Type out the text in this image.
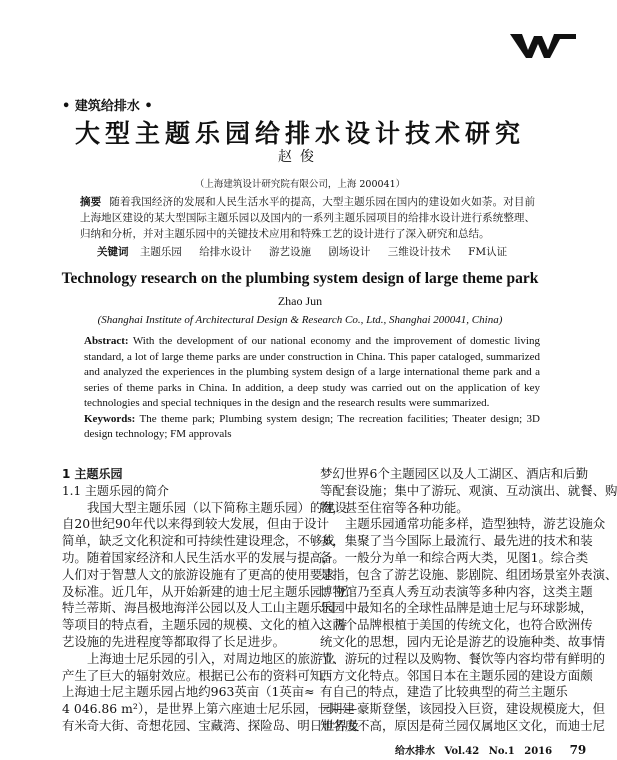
• 建筑给排水 •
大型主题乐园给排水设计技术研究
赵俊
（上海建筑设计研究院有限公司，上海 200041）
摘要 随着我国经济的发展和人民生活水平的提高，大型主题乐园在国内的建设如火如荼。对目前上海地区建设的某大型国际主题乐园以及国内的一系列主题乐园项目的给排水设计进行系统整理、归纳和分析，并对主题乐园中的关键技术应用和特殊工艺的设计进行了深入研究和总结。
关键词 主题乐园 给排水设计 游艺设施 剧场设计 三维设计技术 FM认证
Technology research on the plumbing system design of large theme park
Zhao Jun
(Shanghai Institute of Architectural Design & Research Co., Ltd., Shanghai 200041, China)
Abstract: With the development of our national economy and the improvement of domestic living standard, a lot of large theme parks are under construction in China. This paper cataloged, summarized and analyzed the experiences in the plumbing system design of a large international theme park and a series of theme parks in China. In addition, a deep study was carried out on the application of key technologies and special techniques in the design and the research results were summarized.
Keywords: The theme park; Plumbing system design; The recreation facilities; Theater design; 3D design technology; FM approvals
1 主题乐园
1.1 主题乐园的简介
我国大型主题乐园（以下简称主题乐园）的建设
自20世纪90年代以来得到较大发展，但由于设计
简单，缺乏文化积淀和可持续性建设理念，不够成
功。随着国家经济和人民生活水平的发展与提高，
人们对于智慧人文的旅游设施有了更高的使用要求
及标准。近几年，从开始新建的迪士尼主题乐园、亚
特兰蒂斯、海昌极地海洋公园以及人工山主题乐园
等项目的特点看，主题乐园的规模、文化的植入、游
艺设施的先进程度等都取得了长足进步。
上海迪士尼乐园的引入，对周边地区的旅游业
产生了巨大的辐射效应。根据已公布的资料可知，
上海迪士尼主题乐园占地约963英亩（1英亩≈
4 046.86 m²），是世界上第六座迪士尼乐园，一期建
有米奇大街、奇想花园、宝藏湾、探险岛、明日世界及
梦幻世界6个主题园区以及人工湖区、酒店和后勤
等配套设施；集中了游玩、观演、互动演出、就餐、购
物，甚至住宿等各种功能。
主题乐园通常功能多样，造型独特，游艺设施众
多，集聚了当今国际上最流行、最先进的技术和装
备。一般分为单一和综合两大类，见图1。综合类
是指，包含了游艺设施、影剧院、组团场景室外表演、
博物馆乃至真人秀互动表演等多种内容，这类主题
乐园中最知名的全球性品牌是迪士尼与环球影城，
这两个品牌根植于美国的传统文化，也符合欧洲传
统文化的思想，园内无论是游艺的设施种类、故事情
节、游玩的过程以及购物、餐饮等内容均带有鲜明的
西方文化特点。邻国日本在主题乐园的建设方面颇
有自己的特点，建造了比较典型的荷兰主题乐
园——豪斯登堡，该园投入巨资，建设规模庞大，但
知名度不高，原因是荷兰园仅属地区文化，而迪士尼
给水排水 Vol.42 No.1 2016 79
